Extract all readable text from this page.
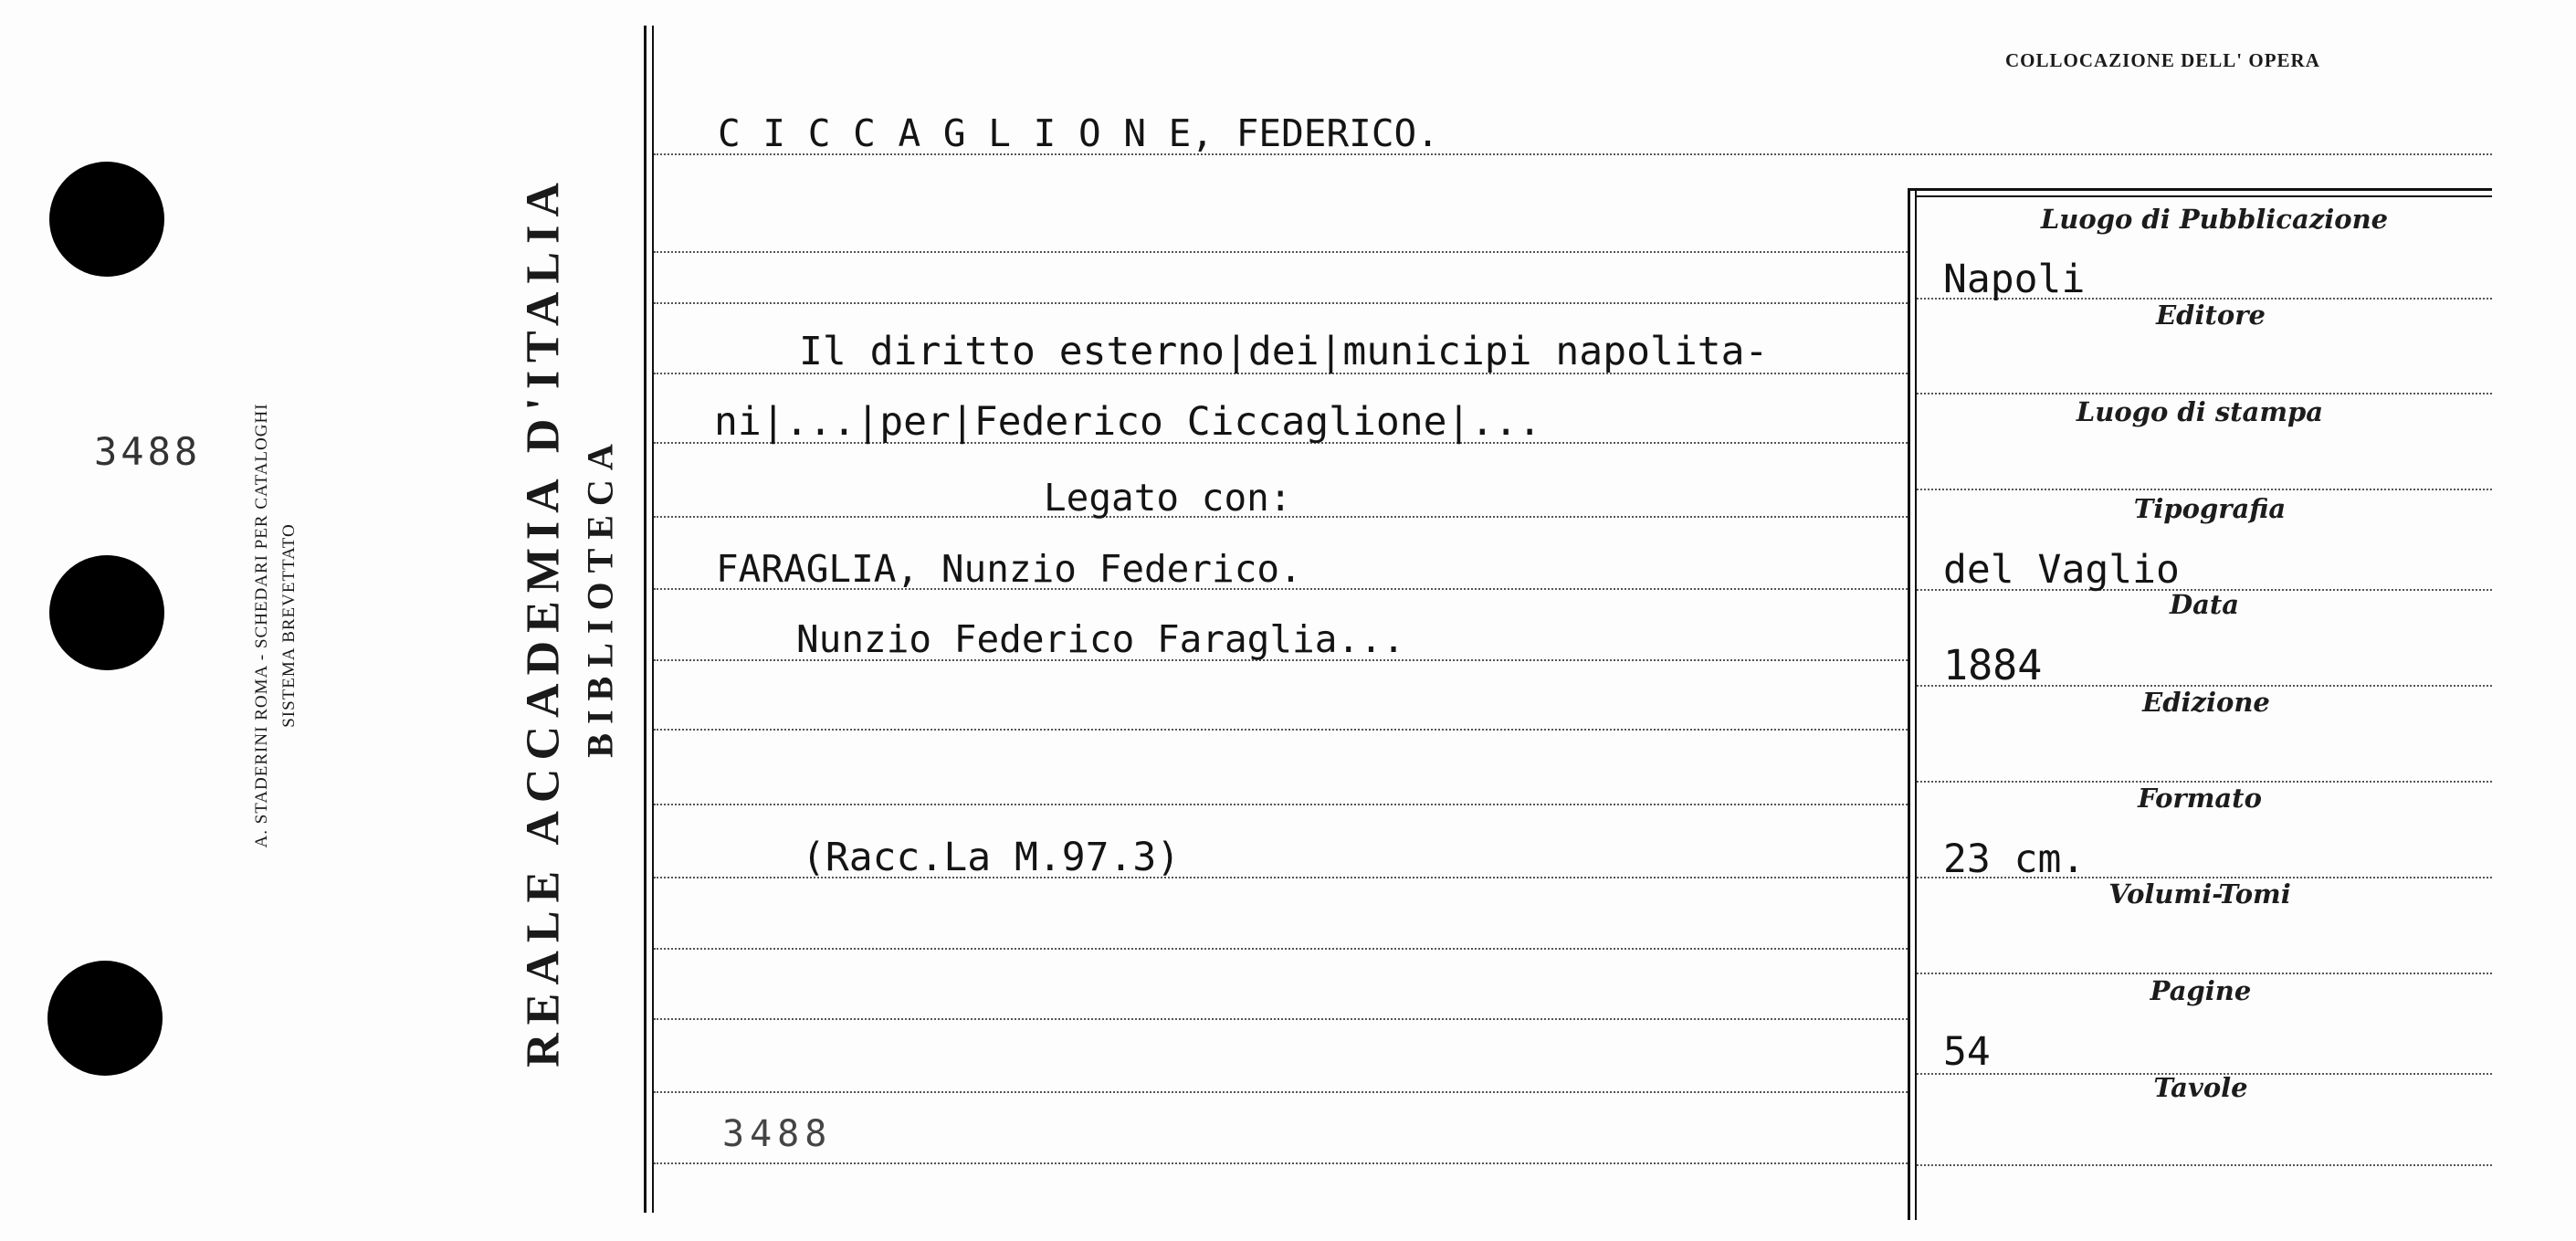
3488	A. STADERINI ROMA - SCHEDARI PER CATALOGHI SISTEMA BREVETTATO	REALE ACCADEMIA D'ITALIA BIBLIOTECA
COLLOCAZIONE DELL' OPERA
C I C C A G L I O N E, FEDERICO.
Il diritto esterno|dei|municipi napolita-
ni|...|per|Federico Ciccaglione|...
Legato con:
FARAGLIA, Nunzio Federico.
Nunzio Federico Faraglia...
(Racc.La M.97.3)
3488
Luogo di Pubblicazione
Editore
Luogo di stampa
Tipografia
Data
Edizione
Formato
Volumi-Tomi
Pagine
Tavole
Napoli
del Vaglio
1884
23 cm.
54
